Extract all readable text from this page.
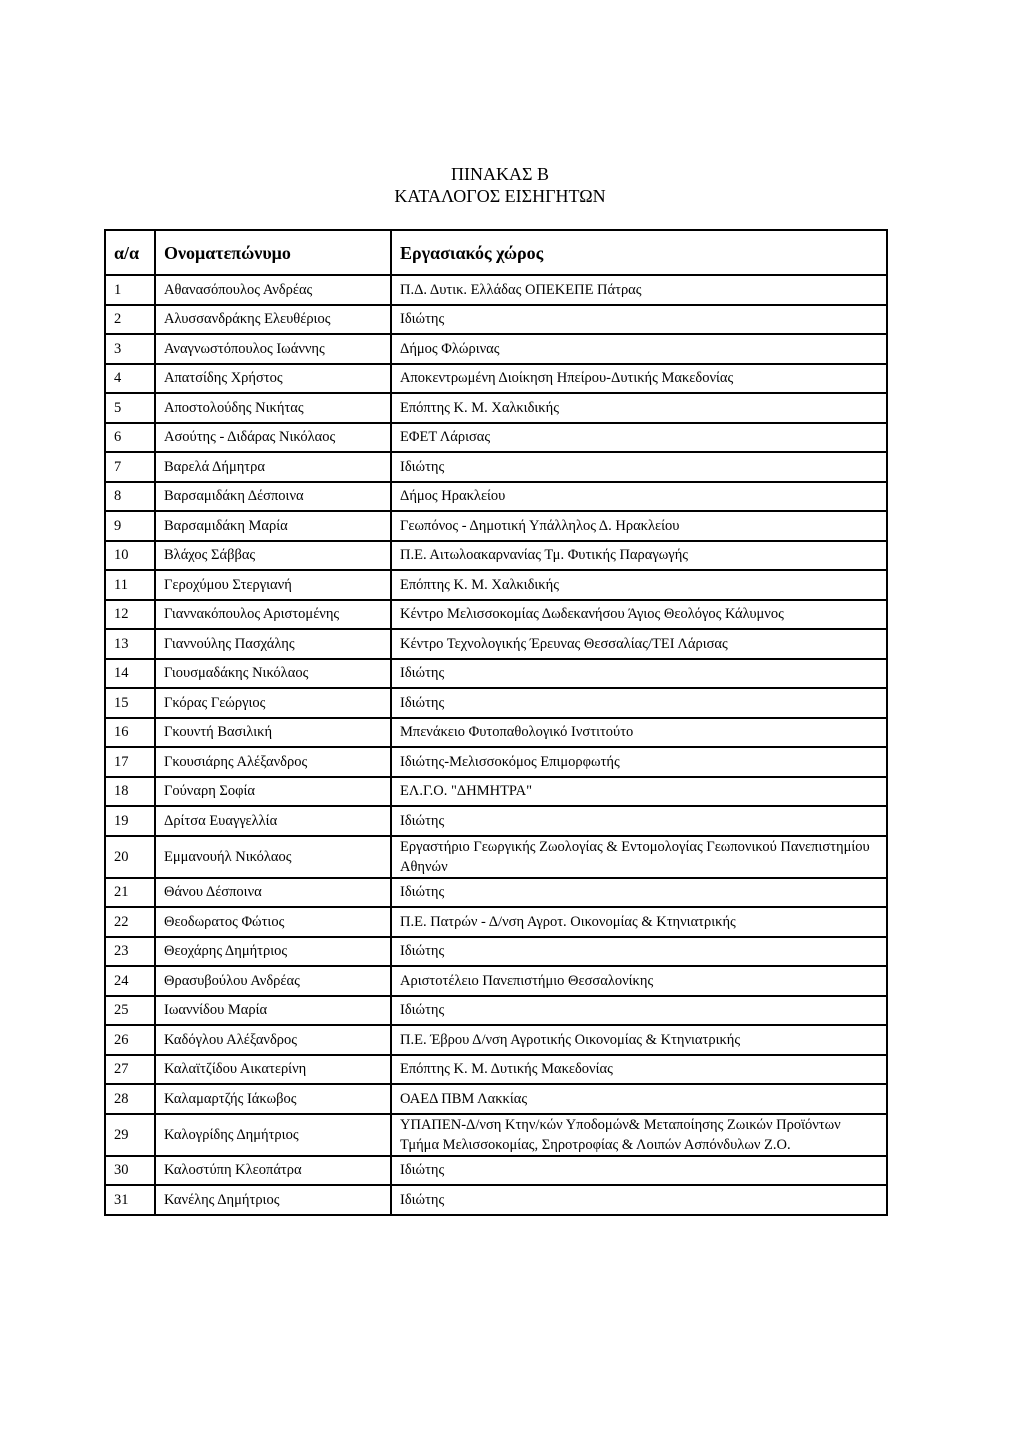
ΠΙΝΑΚΑΣ Β
ΚΑΤΑΛΟΓΟΣ ΕΙΣΗΓΗΤΩΝ
α/α	Ονοματεπώνυμο	Εργασιακός χώρος
1	Αθανασόπουλος Ανδρέας	Π.Δ. Δυτικ. Ελλάδας ΟΠΕΚΕΠΕ Πάτρας
2	Αλυσσανδράκης Ελευθέριος	Ιδιώτης
3	Αναγνωστόπουλος Ιωάννης	Δήμος Φλώρινας
4	Απατσίδης Χρήστος	Αποκεντρωμένη Διοίκηση Ηπείρου-Δυτικής Μακεδονίας
5	Αποστολούδης Νικήτας	Επόπτης Κ. Μ. Χαλκιδικής
6	Ασούτης - Διδάρας Νικόλαος	ΕΦΕΤ Λάρισας
7	Βαρελά Δήμητρα	Ιδιώτης
8	Βαρσαμιδάκη Δέσποινα	Δήμος Ηρακλείου
9	Βαρσαμιδάκη Μαρία	Γεωπόνος - Δημοτική Υπάλληλος Δ. Ηρακλείου
10	Βλάχος Σάββας	Π.Ε. Αιτωλοακαρνανίας Τμ. Φυτικής Παραγωγής
11	Γεροχύμου Στεργιανή	Επόπτης Κ. Μ. Χαλκιδικής
12	Γιαννακόπουλος Αριστομένης	Κέντρο Μελισσοκομίας Δωδεκανήσου Άγιος Θεολόγος Κάλυμνος
13	Γιαννούλης Πασχάλης	Κέντρο Τεχνολογικής Έρευνας Θεσσαλίας/ΤΕΙ Λάρισας
14	Γιουσμαδάκης Νικόλαος	Ιδιώτης
15	Γκόρας Γεώργιος	Ιδιώτης
16	Γκουντή Βασιλική	Μπενάκειο Φυτοπαθολογικό Ινστιτούτο
17	Γκουσιάρης Αλέξανδρος	Ιδιώτης-Μελισσοκόμος Επιμορφωτής
18	Γούναρη Σοφία	ΕΛ.Γ.Ο. "ΔΗΜΗΤΡΑ"
19	Δρίτσα Ευαγγελλία	Ιδιώτης
20	Εμμανουήλ Νικόλαος	Εργαστήριο Γεωργικής Ζωολογίας & Εντομολογίας Γεωπονικού Πανεπιστημίου Αθηνών
21	Θάνου Δέσποινα	Ιδιώτης
22	Θεοδωρατος Φώτιος	Π.Ε. Πατρών - Δ/νση Αγροτ. Οικονομίας & Κτηνιατρικής
23	Θεοχάρης Δημήτριος	Ιδιώτης
24	Θρασυβούλου Ανδρέας	Αριστοτέλειο Πανεπιστήμιο Θεσσαλονίκης
25	Ιωαννίδου Μαρία	Ιδιώτης
26	Καδόγλου Αλέξανδρος	Π.Ε. Έβρου Δ/νση Αγροτικής Οικονομίας & Κτηνιατρικής
27	Καλαϊτζίδου Αικατερίνη	Επόπτης Κ. Μ. Δυτικής Μακεδονίας
28	Καλαμαρτζής Ιάκωβος	ΟΑΕΔ ΠΒΜ Λακκίας
29	Καλογρίδης Δημήτριος	ΥΠΑΠΕΝ-Δ/νση Κτην/κών Υποδομών& Μεταποίησης Ζωικών Προϊόντων Τμήμα Μελισσοκομίας, Σηροτροφίας & Λοιπών Ασπόνδυλων Ζ.Ο.
30	Καλοστύπη Κλεοπάτρα	Ιδιώτης
31	Κανέλης Δημήτριος	Ιδιώτης
